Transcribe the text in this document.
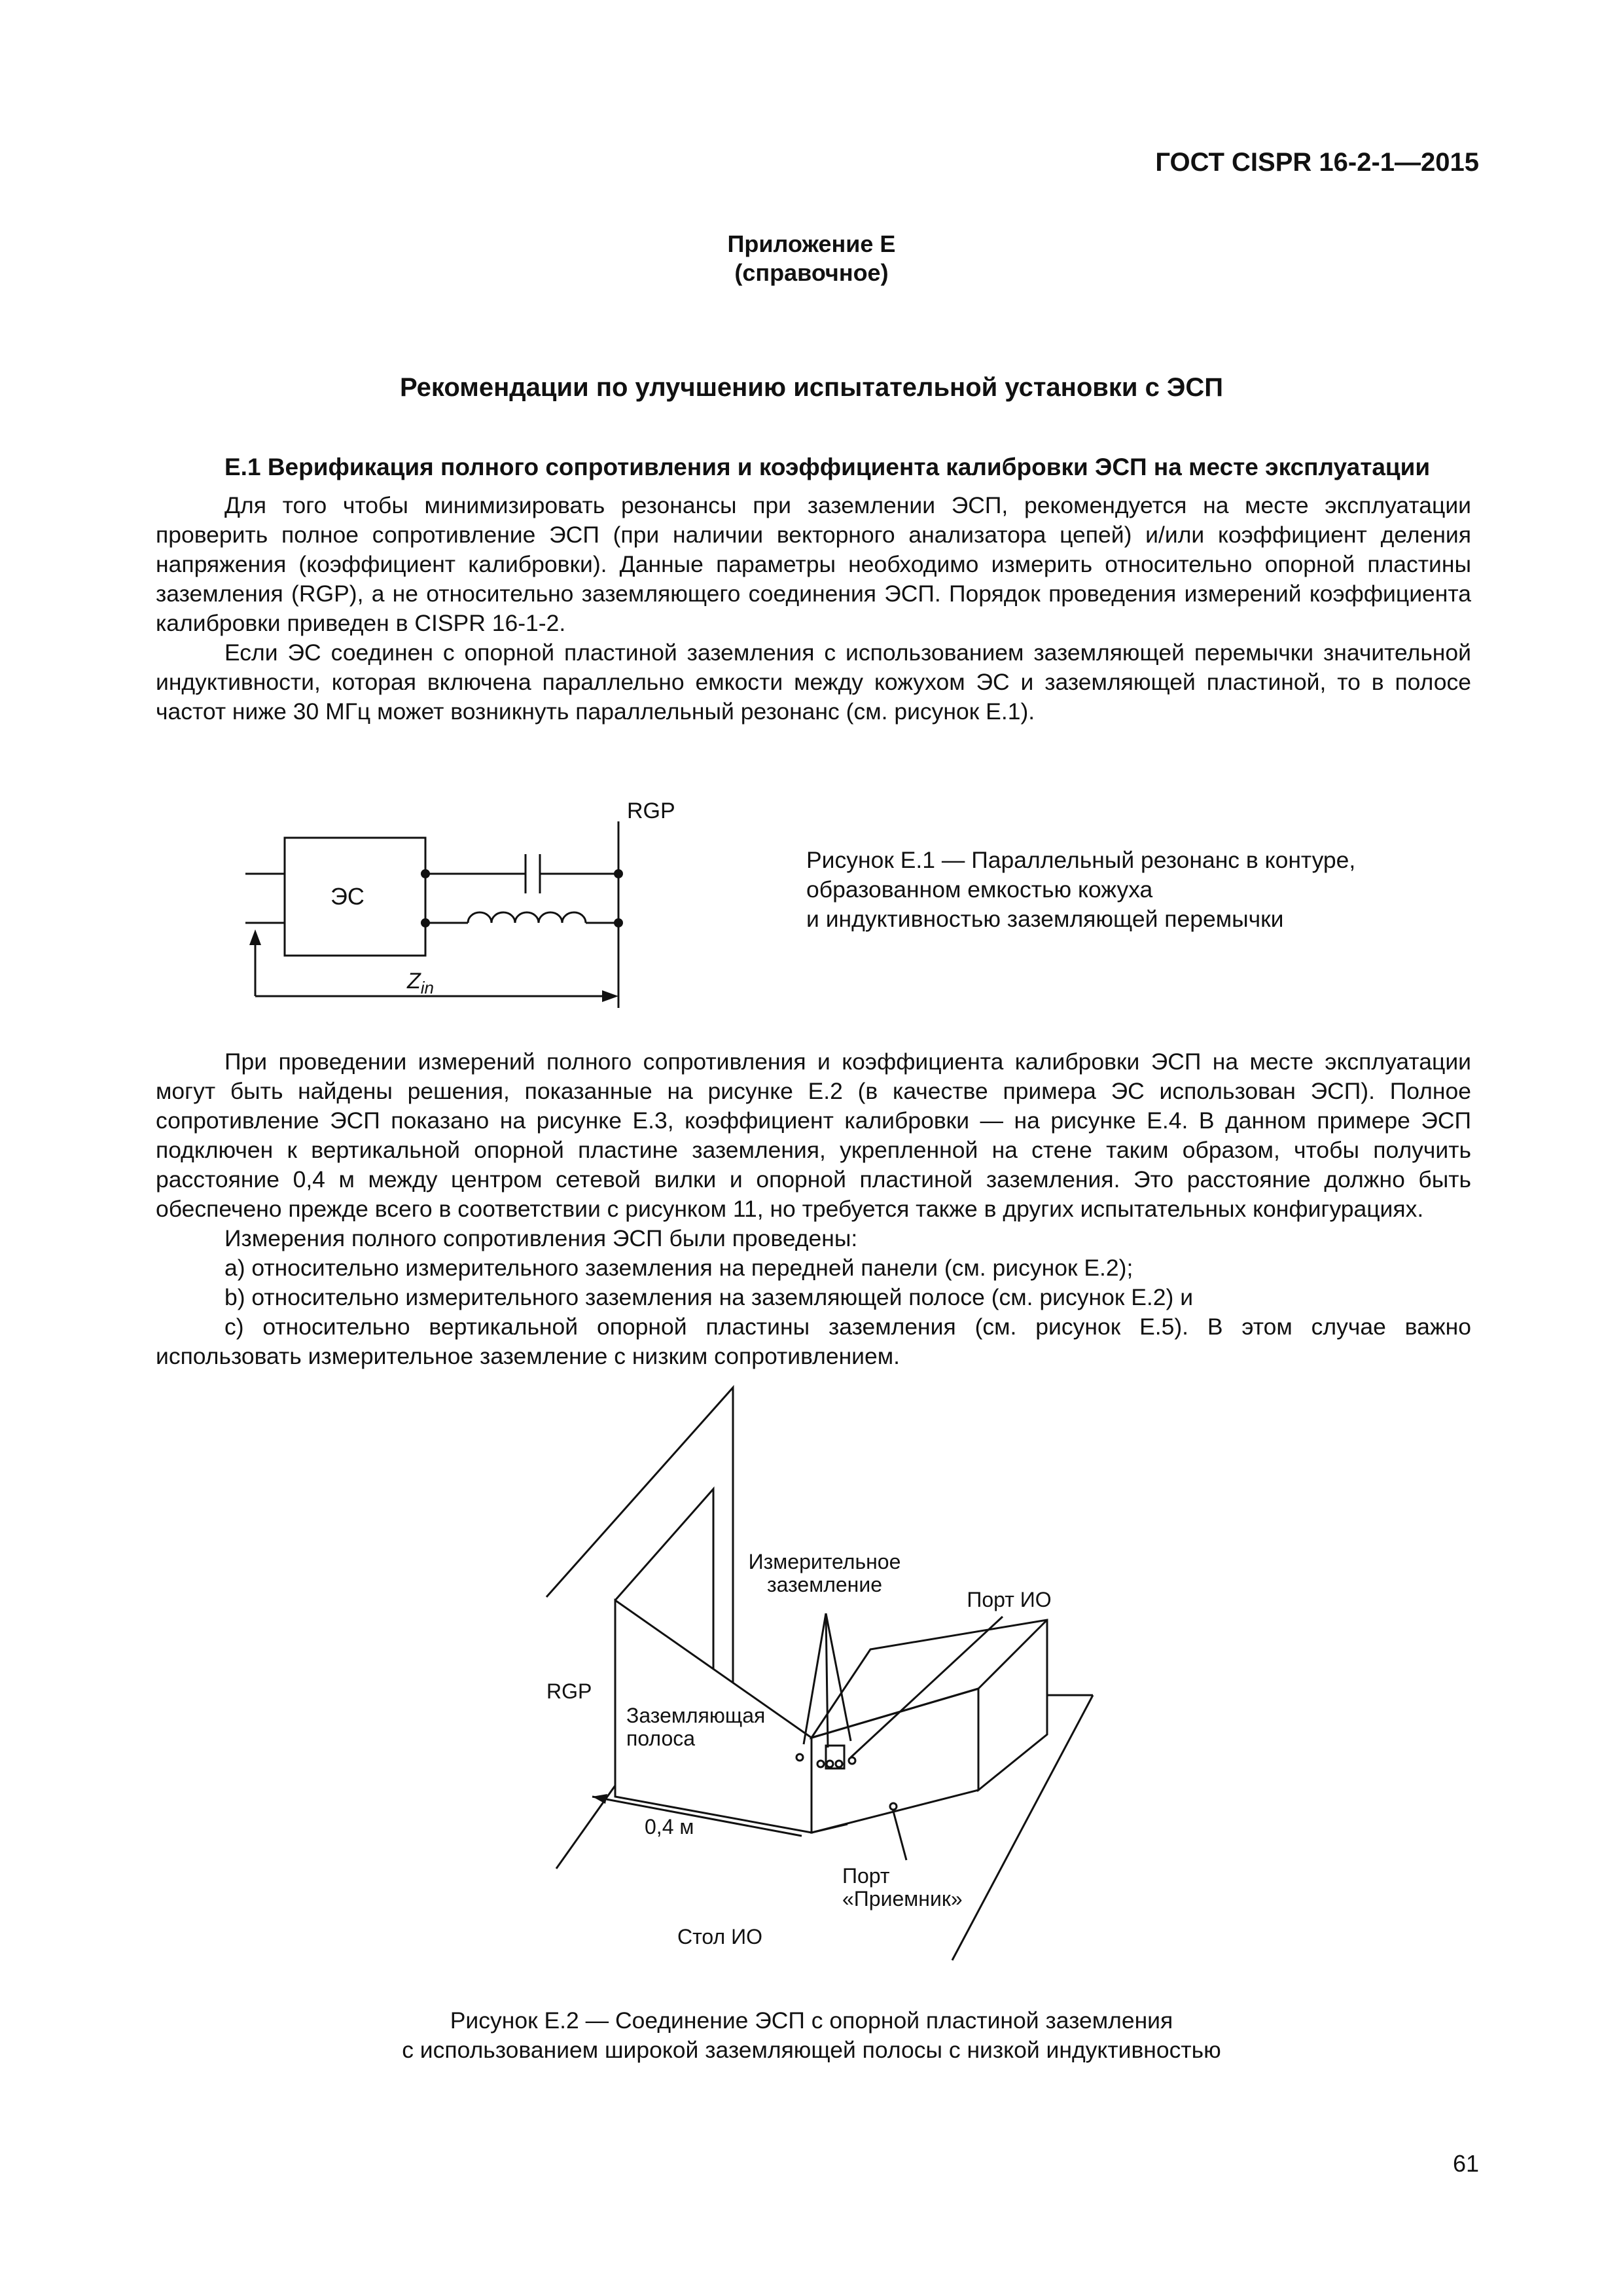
ГОСТ CISPR 16-2-1—2015
Приложение Е
(справочное)
Рекомендации по улучшению испытательной установки с ЭСП
Е.1 Верификация полного сопротивления и коэффициента калибровки ЭСП на месте эксплуатации
Для того чтобы минимизировать резонансы при заземлении ЭСП, рекомендуется на месте эксплуатации проверить полное сопротивление ЭСП (при наличии векторного анализатора цепей) и/или коэффициент деления напряжения (коэффициент калибровки). Данные параметры необходимо измерить относительно опорной пластины заземления (RGP), а не относительно заземляющего соединения ЭСП. Порядок проведения измерений коэффициента калибровки приведен в CISPR 16-1-2.
Если ЭС соединен с опорной пластиной заземления с использованием заземляющей перемычки значительной индуктивности, которая включена параллельно емкости между кожухом ЭС и заземляющей пластиной, то в полосе частот ниже 30 МГц может возникнуть параллельный резонанс (см. рисунок Е.1).
RGP
ЭС
$Z_{in}$
Рисунок Е.1 — Параллельный резонанс в контуре,
образованном емкостью кожуха
и индуктивностью заземляющей перемычки
При проведении измерений полного сопротивления и коэффициента калибровки ЭСП на месте эксплуатации могут быть найдены решения, показанные на рисунке Е.2 (в качестве примера ЭС использован ЭСП). Полное сопротивление ЭСП показано на рисунке Е.3, коэффициент калибровки — на рисунке Е.4. В данном примере ЭСП подключен к вертикальной опорной пластине заземления, укрепленной на стене таким образом, чтобы получить расстояние 0,4 м между центром сетевой вилки и опорной пластиной заземления. Это расстояние должно быть обеспечено прежде всего в соответствии с рисунком 11, но требуется также в других испытательных конфигурациях.
Измерения полного сопротивления ЭСП были проведены:
a) относительно измерительного заземления на передней панели (см. рисунок Е.2);
b) относительно измерительного заземления на заземляющей полосе (см. рисунок Е.2) и
c) относительно вертикальной опорной пластины заземления (см. рисунок Е.5). В этом случае важно использовать измерительное заземление с низким сопротивлением.
Измерительное
заземление
Порт ИО
RGP
Заземляющая
полоса
0,4 м
Порт
«Приемник»
Стол ИО
Рисунок Е.2 — Соединение ЭСП с опорной пластиной заземления
с использованием широкой заземляющей полосы с низкой индуктивностью
61
